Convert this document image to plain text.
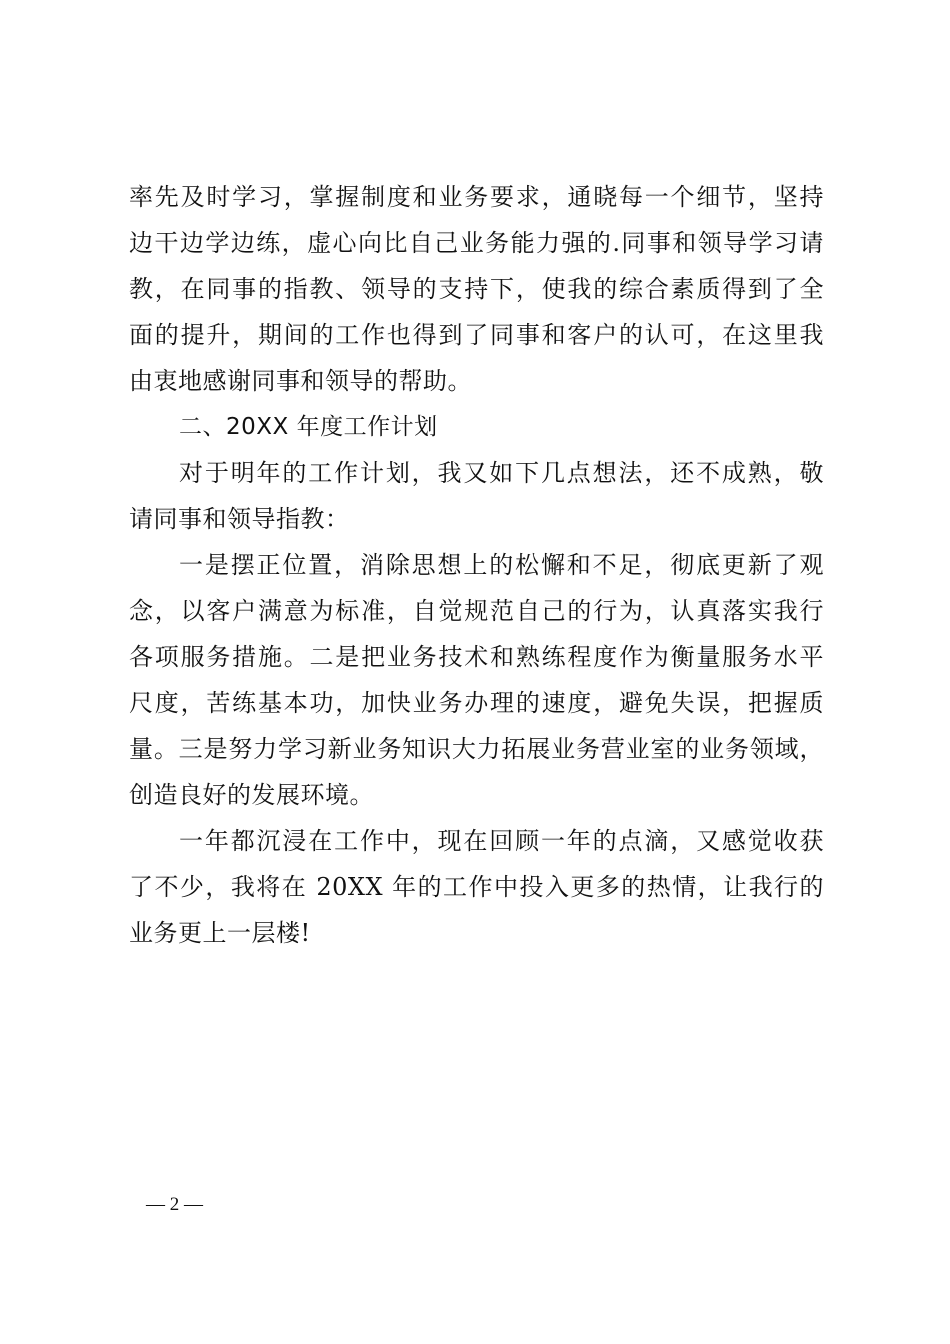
率先及时学习，掌握制度和业务要求，通晓每一个细节，坚持
边干边学边练，虚心向比自己业务能力强的.同事和领导学习请
教，在同事的指教、领导的支持下，使我的综合素质得到了全
面的提升，期间的工作也得到了同事和客户的认可，在这里我
由衷地感谢同事和领导的帮助。
二、20XX 年度工作计划
对于明年的工作计划，我又如下几点想法，还不成熟，敬
请同事和领导指教：
一是摆正位置，消除思想上的松懈和不足，彻底更新了观
念，以客户满意为标准，自觉规范自己的行为，认真落实我行
各项服务措施。二是把业务技术和熟练程度作为衡量服务水平
尺度，苦练基本功，加快业务办理的速度，避免失误，把握质
量。三是努力学习新业务知识大力拓展业务营业室的业务领域，
创造良好的发展环境。
一年都沉浸在工作中，现在回顾一年的点滴，又感觉收获
了不少，我将在 20XX 年的工作中投入更多的热情，让我行的
业务更上一层楼!
— 2 —
